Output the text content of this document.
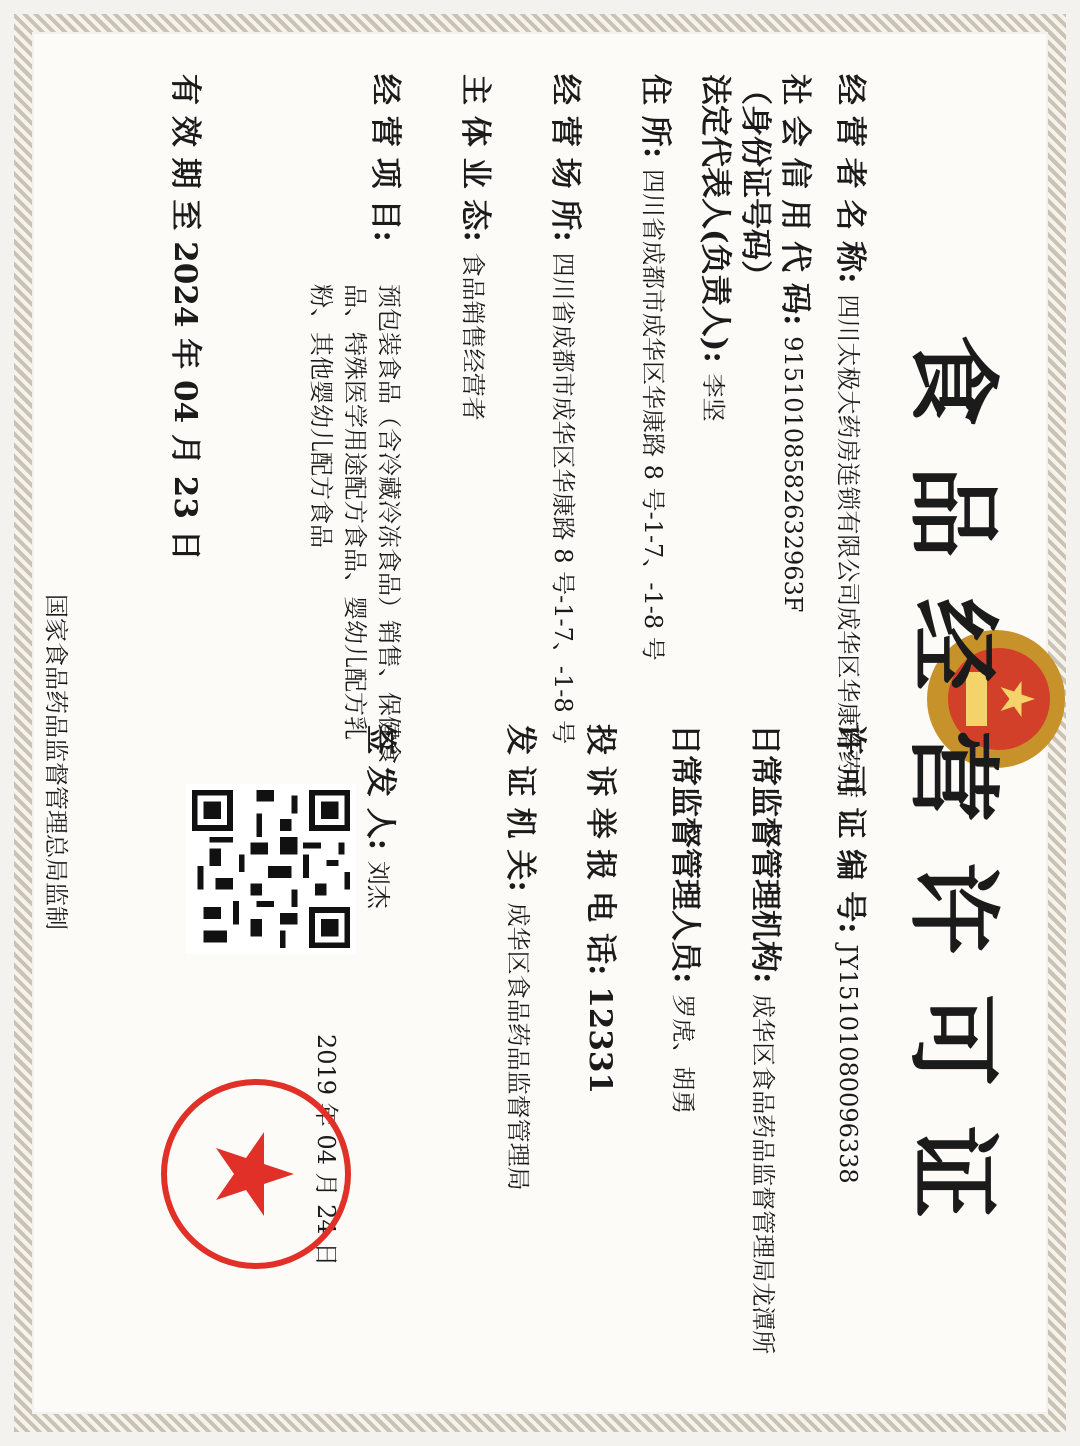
食品经营许可证
经 营 者 名 称: 四川太极大药房连锁有限公司成华区华康路药店
社 会 信 用 代 码: 91510108582632963F
（身份证号码）
法定代表人(负责人): 李坚
住 所: 四川省成都市成华区华康路 8 号-1-7、-1-8 号
经 营 场 所: 四川省成都市成华区华康路 8 号-1-7、-1-8 号
主 体 业 态: 食品销售经营者
经 营 项 目:
预包装食品（含冷藏冷冻食品）销售、保健食品、特殊医学用途配方食品、婴幼儿配方乳粉、其他婴幼儿配方食品
有 效 期 至 2024 年 04 月 23 日
许 可 证 编 号: JY15101080096338
日常监督管理机构: 成华区食品药品监督管理局龙潭所
日常监督管理人员: 罗虎、胡勇
投 诉 举 报 电 话: 12331
发 证 机 关: 成华区食品药品监督管理局
签 发 人: 刘杰
2019 年 04 月 24 日
国家食品药品监督管理总局监制
